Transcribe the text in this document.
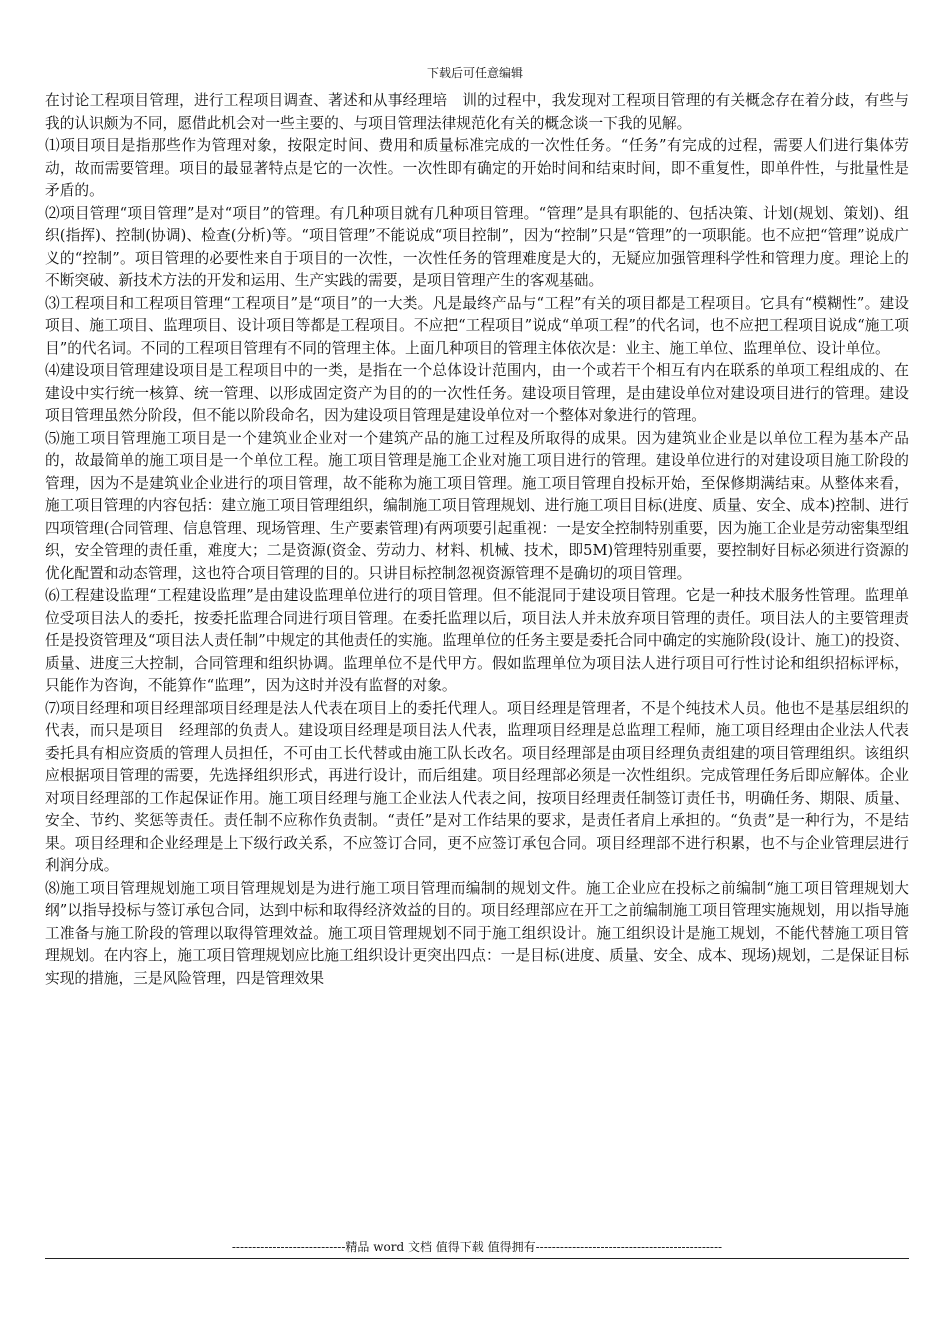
下载后可任意编辑

在讨论工程项目管理，进行工程项目调查、著述和从事经理培　训的过程中，我发现对工程项目管理的有关概念存在着分歧，有些与我的认识颇为不同，愿借此机会对一些主要的、与项目管理法律规范化有关的概念谈一下我的见解。

⑴项目项目是指那些作为管理对象，按限定时间、费用和质量标准完成的一次性任务。“任务”有完成的过程，需要人们进行集体劳动，故而需要管理。项目的最显著特点是它的一次性。一次性即有确定的开始时间和结束时间，即不重复性，即单件性，与批量性是矛盾的。

⑵项目管理“项目管理”是对“项目”的管理。有几种项目就有几种项目管理。“管理”是具有职能的、包括决策、计划(规划、策划)、组织(指挥)、控制(协调)、检查(分析)等。“项目管理”不能说成“项目控制”，因为“控制”只是“管理”的一项职能。也不应把“管理”说成广义的“控制”。项目管理的必要性来自于项目的一次性，一次性任务的管理难度是大的，无疑应加强管理科学性和管理力度。理论上的不断突破、新技术方法的开发和运用、生产实践的需要，是项目管理产生的客观基础。

⑶工程项目和工程项目管理“工程项目”是“项目”的一大类。凡是最终产品与“工程”有关的项目都是工程项目。它具有“模糊性”。建设项目、施工项目、监理项目、设计项目等都是工程项目。不应把“工程项目”说成“单项工程”的代名词，也不应把工程项目说成“施工项目”的代名词。不同的工程项目管理有不同的管理主体。上面几种项目的管理主体依次是：业主、施工单位、监理单位、设计单位。

⑷建设项目管理建设项目是工程项目中的一类，是指在一个总体设计范围内，由一个或若干个相互有内在联系的单项工程组成的、在建设中实行统一核算、统一管理、以形成固定资产为目的的一次性任务。建设项目管理，是由建设单位对建设项目进行的管理。建设项目管理虽然分阶段，但不能以阶段命名，因为建设项目管理是建设单位对一个整体对象进行的管理。

⑸施工项目管理施工项目是一个建筑业企业对一个建筑产品的施工过程及所取得的成果。因为建筑业企业是以单位工程为基本产品的，故最简单的施工项目是一个单位工程。施工项目管理是施工企业对施工项目进行的管理。建设单位进行的对建设项目施工阶段的管理，因为不是建筑业企业进行的项目管理，故不能称为施工项目管理。施工项目管理自投标开始，至保修期满结束。从整体来看，施工项目管理的内容包括：建立施工项目管理组织，编制施工项目管理规划、进行施工项目目标(进度、质量、安全、成本)控制、进行四项管理(合同管理、信息管理、现场管理、生产要素管理)有两项要引起重视：一是安全控制特别重要，因为施工企业是劳动密集型组织，安全管理的责任重，难度大；二是资源(资金、劳动力、材料、机械、技术，即5M)管理特别重要，要控制好目标必须进行资源的优化配置和动态管理，这也符合项目管理的目的。只讲目标控制忽视资源管理不是确切的项目管理。

⑹工程建设监理“工程建设监理”是由建设监理单位进行的项目管理。但不能混同于建设项目管理。它是一种技术服务性管理。监理单位受项目法人的委托，按委托监理合同进行项目管理。在委托监理以后，项目法人并未放弃项目管理的责任。项目法人的主要管理责任是投资管理及“项目法人责任制”中规定的其他责任的实施。监理单位的任务主要是委托合同中确定的实施阶段(设计、施工)的投资、质量、进度三大控制，合同管理和组织协调。监理单位不是代甲方。假如监理单位为项目法人进行项目可行性讨论和组织招标评标，只能作为咨询，不能算作“监理”，因为这时并没有监督的对象。

⑺项目经理和项目经理部项目经理是法人代表在项目上的委托代理人。项目经理是管理者，不是个纯技术人员。他也不是基层组织的代表，而只是项目　经理部的负责人。建设项目经理是项目法人代表，监理项目经理是总监理工程师，施工项目经理由企业法人代表委托具有相应资质的管理人员担任，不可由工长代替或由施工队长改名。项目经理部是由项目经理负责组建的项目管理组织。该组织应根据项目管理的需要，先选择组织形式，再进行设计，而后组建。项目经理部必须是一次性组织。完成管理任务后即应解体。企业对项目经理部的工作起保证作用。施工项目经理与施工企业法人代表之间，按项目经理责任制签订责任书，明确任务、期限、质量、安全、节约、奖惩等责任。责任制不应称作负责制。“责任”是对工作结果的要求，是责任者肩上承担的。“负责”是一种行为，不是结果。项目经理和企业经理是上下级行政关系，不应签订合同，更不应签订承包合同。项目经理部不进行积累，也不与企业管理层进行利润分成。

⑻施工项目管理规划施工项目管理规划是为进行施工项目管理而编制的规划文件。施工企业应在投标之前编制“施工项目管理规划大纲”以指导投标与签订承包合同，达到中标和取得经济效益的目的。项目经理部应在开工之前编制施工项目管理实施规划，用以指导施工准备与施工阶段的管理以取得管理效益。施工项目管理规划不同于施工组织设计。施工组织设计是施工规划，不能代替施工项目管理规划。在内容上，施工项目管理规划应比施工组织设计更突出四点：一是目标(进度、质量、安全、成本、现场)规划，二是保证目标实现的措施，三是风险管理，四是管理效果

----------------------------精品 word 文档 值得下载 值得拥有----------------------------------------------
